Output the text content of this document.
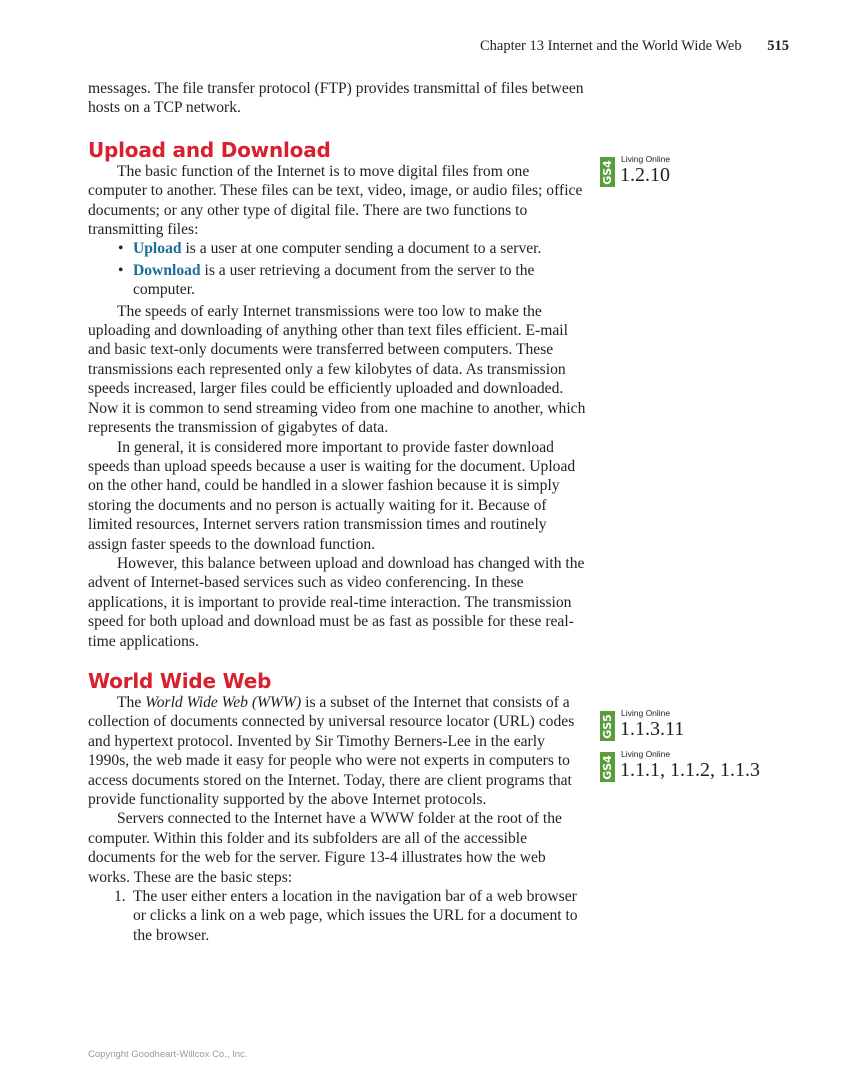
Chapter 13 Internet and the World Wide Web 515

messages. The file transfer protocol (FTP) provides transmittal of files between hosts on a TCP network.

Upload and Download

The basic function of the Internet is to move digital files from one computer to another. These files can be text, video, image, or audio files; office documents; or any other type of digital file. There are two functions to transmitting files:

• Upload is a user at one computer sending a document to a server.
• Download is a user retrieving a document from the server to the computer.

The speeds of early Internet transmissions were too low to make the uploading and downloading of anything other than text files efficient. E-mail and basic text-only documents were transferred between computers. These transmissions each represented only a few kilobytes of data. As transmission speeds increased, larger files could be efficiently uploaded and downloaded. Now it is common to send streaming video from one machine to another, which represents the transmission of gigabytes of data.

In general, it is considered more important to provide faster download speeds than upload speeds because a user is waiting for the document. Upload on the other hand, could be handled in a slower fashion because it is simply storing the documents and no person is actually waiting for it. Because of limited resources, Internet servers ration transmission times and routinely assign faster speeds to the download function.

However, this balance between upload and download has changed with the advent of Internet-based services such as video conferencing. In these applications, it is important to provide real-time interaction. The transmission speed for both upload and download must be as fast as possible for these real-time applications.

World Wide Web

The World Wide Web (WWW) is a subset of the Internet that consists of a collection of documents connected by universal resource locator (URL) codes and hypertext protocol. Invented by Sir Timothy Berners-Lee in the early 1990s, the web made it easy for people who were not experts in computers to access documents stored on the Internet. Today, there are client programs that provide functionality supported by the above Internet protocols.

Servers connected to the Internet have a WWW folder at the root of the computer. Within this folder and its subfolders are all of the accessible documents for the web for the server. Figure 13-4 illustrates how the web works. These are the basic steps:

1. The user either enters a location in the navigation bar of a web browser or clicks a link on a web page, which issues the URL for a document to the browser.
GS4
Living Online
1.2.10
GS5
Living Online
1.1.3.11
GS4
Living Online
1.1.1, 1.1.2, 1.1.3
Copyright Goodheart-Willcox Co., Inc.
